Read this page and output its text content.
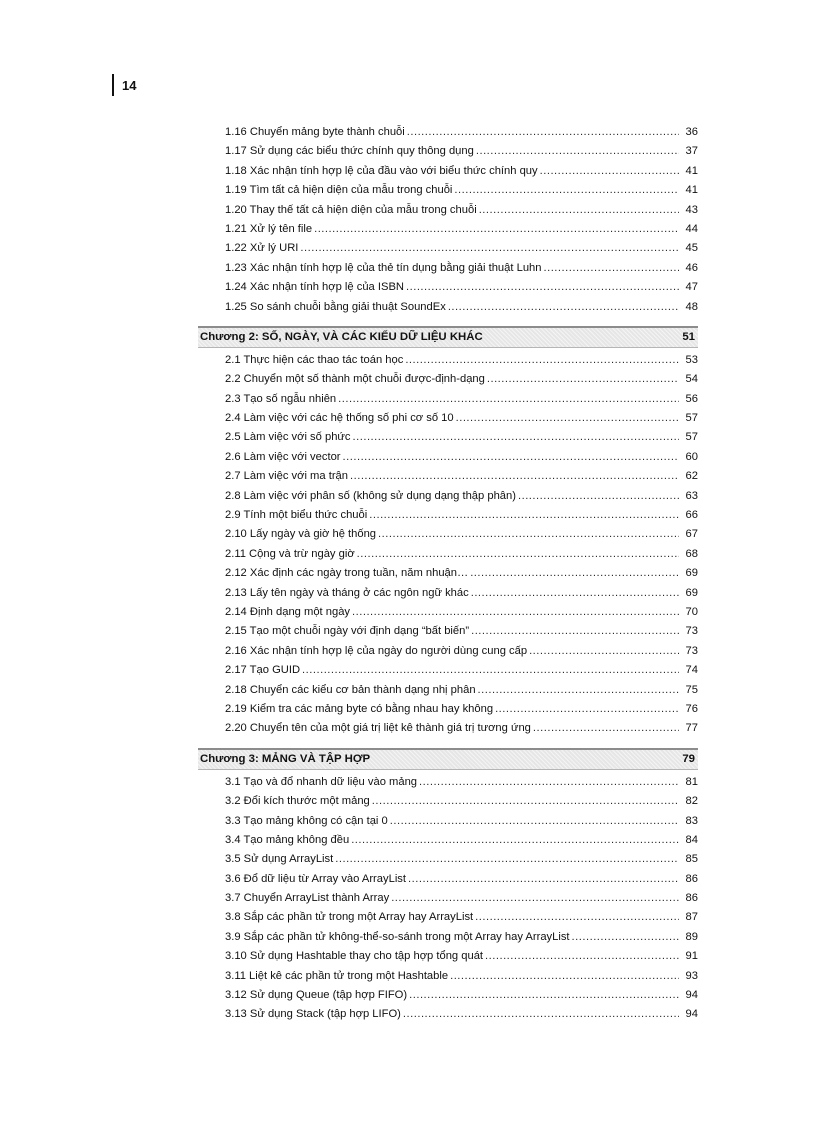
14
1.16 Chuyển mảng byte thành chuỗi .....	36
1.17 Sử dụng các biểu thức chính quy thông dụng .....	37
1.18 Xác nhận tính hợp lệ của đầu vào với biểu thức chính quy .....	41
1.19 Tìm tất cả hiện diện của mẫu trong chuỗi .....	41
1.20 Thay thế tất cả hiện diện của mẫu trong chuỗi .....	43
1.21 Xử lý tên file .....	44
1.22 Xử lý URI .....	45
1.23 Xác nhận tính hợp lệ của thẻ tín dụng bằng giải thuật Luhn .....	46
1.24 Xác nhận tính hợp lệ của ISBN .....	47
1.25 So sánh chuỗi bằng giải thuật SoundEx .....	48
Chương 2: SỐ, NGÀY, VÀ CÁC KIỂU DỮ LIỆU KHÁC	51
2.1 Thực hiện các thao tác toán học .....	53
2.2 Chuyển một số thành một chuỗi được-định-dạng .....	54
2.3 Tạo số ngẫu nhiên .....	56
2.4 Làm việc với các hệ thống số phi cơ số 10 .....	57
2.5 Làm việc với số phức .....	57
2.6 Làm việc với vector .....	60
2.7 Làm việc với ma trận .....	62
2.8 Làm việc với phân số (không sử dụng dạng thập phân) .....	63
2.9 Tính một biểu thức chuỗi .....	66
2.10 Lấy ngày và giờ hệ thống .....	67
2.11 Cộng và trừ ngày giờ .....	68
2.12 Xác định các ngày trong tuần, năm nhuận… .....	69
2.13 Lấy tên ngày và tháng ở các ngôn ngữ khác .....	69
2.14 Định dạng một ngày .....	70
2.15 Tạo một chuỗi ngày với định dạng “bất biến” .....	73
2.16 Xác nhận tính hợp lệ của ngày do người dùng cung cấp .....	73
2.17 Tạo GUID .....	74
2.18 Chuyển các kiểu cơ bản thành dạng nhị phân .....	75
2.19 Kiểm tra các mảng byte có bằng nhau hay không .....	76
2.20 Chuyển tên của một giá trị liệt kê thành giá trị tương ứng .....	77
Chương 3: MẢNG VÀ TẬP HỢP	79
3.1 Tạo và đổ nhanh dữ liệu vào mảng .....	81
3.2 Đổi kích thước một mảng .....	82
3.3 Tạo mảng không có cận tại 0 .....	83
3.4 Tạo mảng không đều .....	84
3.5 Sử dụng ArrayList .....	85
3.6 Đổ dữ liệu từ Array vào ArrayList .....	86
3.7 Chuyển ArrayList thành Array .....	86
3.8 Sắp các phần tử trong một Array hay ArrayList .....	87
3.9 Sắp các phần tử không-thể-so-sánh trong một Array hay ArrayList .....	89
3.10 Sử dụng Hashtable thay cho tập hợp tổng quát .....	91
3.11 Liệt kê các phần tử trong một Hashtable .....	93
3.12 Sử dụng Queue (tập hợp FIFO) .....	94
3.13 Sử dụng Stack (tập hợp LIFO) .....	94
